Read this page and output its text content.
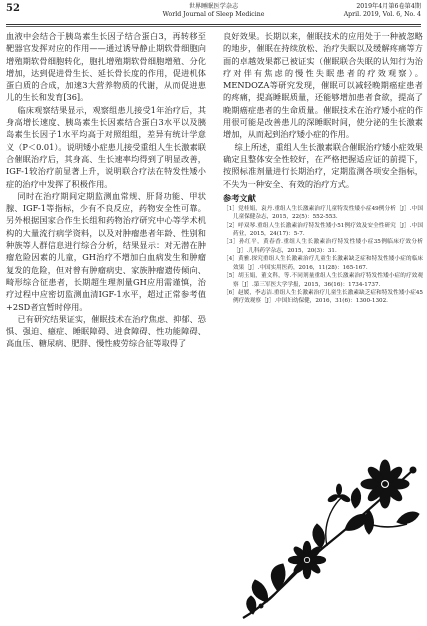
52	世界睡眠医学杂志
World Journal of Sleep Medicine
2019年4月第6卷第4期
April. 2019, Vol. 6, No. 4

血液中会结合于胰岛素生长因子结合蛋白3，再转移至靶器官发挥对应的作用——通过诱导静止期软骨细胞向增殖期软骨细胞转化，胞扎增殖期软骨细胞增殖、分化增加，达到促进骨生长、延长骨长度的作用，促进机体蛋白质的合成，加速3大营养物质的代谢，从而促进患儿的生长和发育[36]。

临床观察结果显示，观察组患儿接受1年治疗后，其身高增长速度、胰岛素生长因素结合蛋白3水平以及胰岛素生长因子1水平均高于对照组组，差异有统计学意义（P＜0.01）。说明矮小症患儿接受重组人生长激素联合催眠治疗后，其身高、生长速率均得到了明显改善，IGF-1较治疗前显著上升，说明联合疗法在特发性矮小症的治疗中发挥了积极作用。

同时在治疗期间定期监测血常规、肝肾功能、甲状腺、IGF-1等指标，少有不良反应，药物安全性可靠。另外根据国家合作生长组和药物治疗研究中心等学术机构的大量流行病学资料，以及对肿瘤患者年龄、性别和种族等人群信息进行综合分析，结果显示：对无潜在肿瘤危险因素的儿童，GH治疗不增加白血病发生和肿瘤复发的危险，但对曾有肿瘤病史、家族肿瘤遗传倾向、畸形综合征患者，长期超生理剂量GH应用需谨慎，治疗过程中应密切监测血清IGF-1水平，超过正常参考值+2SD者宜暂时停用。

已有研究结果证实，催眠技术在治疗焦虑、抑郁、恐惧、强迫、癔症、睡眠障碍、进食障碍、性功能障碍、高血压、糖尿病、肥胖、慢性疲劳综合征等取得了

良好效果。长期以来，催眠技术的应用处于一种被忽略的地步，催眠在持续放松、治疗失眠以及缓解疼痛等方面的卓越效果都已被证实（催眠联合失眠的认知行为治疗对伴有焦虑的慢性失眠患者的疗效观察）。MENDOZA等研究发现，催眠可以减轻晚期癌症患者的疼痛，提高睡眠质量，还能够增加患者食欲，提高了晚期癌症患者的生命质量。催眠技术在治疗矮小症的作用很可能是改善患儿的深睡眠时间，使分泌的生长激素增加，从而起到治疗矮小症的作用。

综上所述，重组人生长激素联合催眠治疗矮小症效果确定且整体安全性较好，在严格把握适应证的前提下，按照标准剂量进行长期治疗，定期监测各项安全指标，不失为一种安全、有效的治疗方式。

参考文献
［1］党桂娟，袁丹.重组人生长激素治疗儿童特发性矮小症49例分析［J］.中国儿童保健杂志，2015，22(5)：552-553.
［2］呼双琴.重组人生长激素治疗特发性矮小51例疗效及安全性研究［J］.中国药业，2015，24(17)：5-7.
［3］孙红平，黄春香.重组人生长激素治疗特发性矮小症35例临床疗效分析［J］.儿科药学杂志，2015，20(3)：31.
［4］黄雅.探究重组人生长激素治疗儿童生长激素缺乏症和特发性矮小症的临床效果［J］.中国实用医药，2016，11(28)：165-167.
［5］胡玉娟，董文科，等.不同剂量重组人生长激素治疗特发性矮小症的疗效观察［J］.第三军医大学学报，2015，36(16)：1734-1737.
［6］赵媛，李志洁.重组人生长激素治疗儿童生长激素缺乏症和特发性矮小症45例疗效观察［J］.中国妇幼保健，2016，31(6)：1300-1302.
